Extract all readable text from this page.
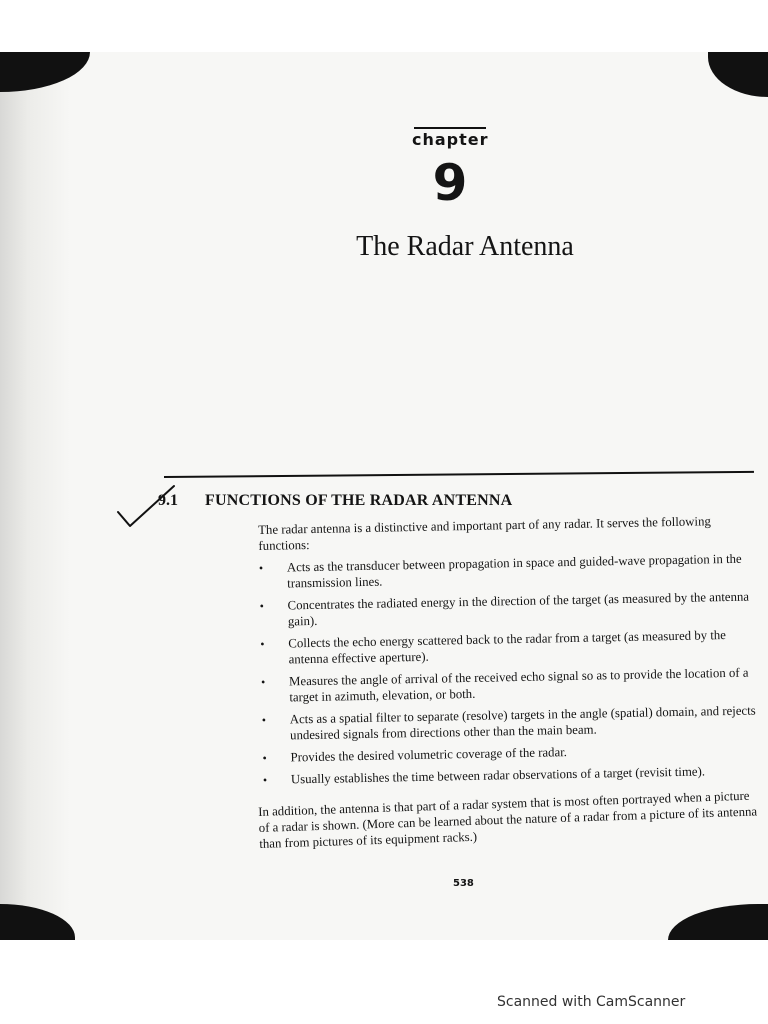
chapter
9
The Radar Antenna
9.1 FUNCTIONS OF THE RADAR ANTENNA

The radar antenna is a distinctive and important part of any radar. It serves the following functions:

• Acts as the transducer between propagation in space and guided-wave propagation in the transmission lines.
• Concentrates the radiated energy in the direction of the target (as measured by the antenna gain).
• Collects the echo energy scattered back to the radar from a target (as measured by the antenna effective aperture).
• Measures the angle of arrival of the received echo signal so as to provide the location of a target in azimuth, elevation, or both.
• Acts as a spatial filter to separate (resolve) targets in the angle (spatial) domain, and rejects undesired signals from directions other than the main beam.
• Provides the desired volumetric coverage of the radar.
• Usually establishes the time between radar observations of a target (revisit time).

In addition, the antenna is that part of a radar system that is most often portrayed when a picture of a radar is shown. (More can be learned about the nature of a radar from a picture of its antenna than from pictures of its equipment racks.)

538
Scanned with CamScanner
